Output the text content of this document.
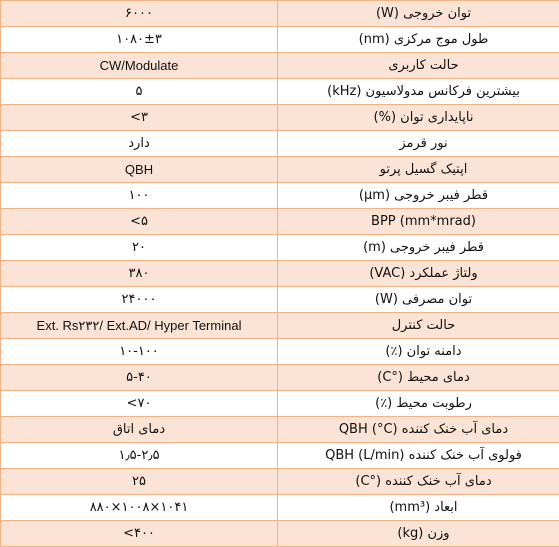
۶۰۰۰	توان خروجی (W)
۱۰۸۰±۳	طول موج مرکزی (nm)
CW/Modulate	حالت کاربری
۵	بیشترین فرکانس مدولاسیون (kHz)
<۳	ناپایداری توان (%)
دارد	نور قرمز
QBH	اپتیک گسیل پرتو
۱۰۰	قطر فیبر خروجی (µm)
<۵	BPP (mm*mrad)
۲۰	قطر فیبر خروجی (m)
۳۸۰	ولتاژ عملکرد (VAC)
۲۴۰۰۰	توان مصرفی (W)
Ext. Rs۲۳۲/ Ext.AD/ Hyper Terminal	حالت کنترل
۱۰-۱۰۰	دامنه توان (٪)
۵-۴۰	دمای محیط (°C)
<۷۰	رطوبت محیط (٪)
دمای اتاق	دمای آب خنک کننده QBH (°C)
۱٫۵-۲٫۵	فولوی آب خنک کننده QBH (L/min)
۲۵	دمای آب خنک کننده (°C)
۸۸۰×۱۰۰۸×۱۰۴۱	ابعاد (mm³)
<۴۰۰	وزن (kg)
